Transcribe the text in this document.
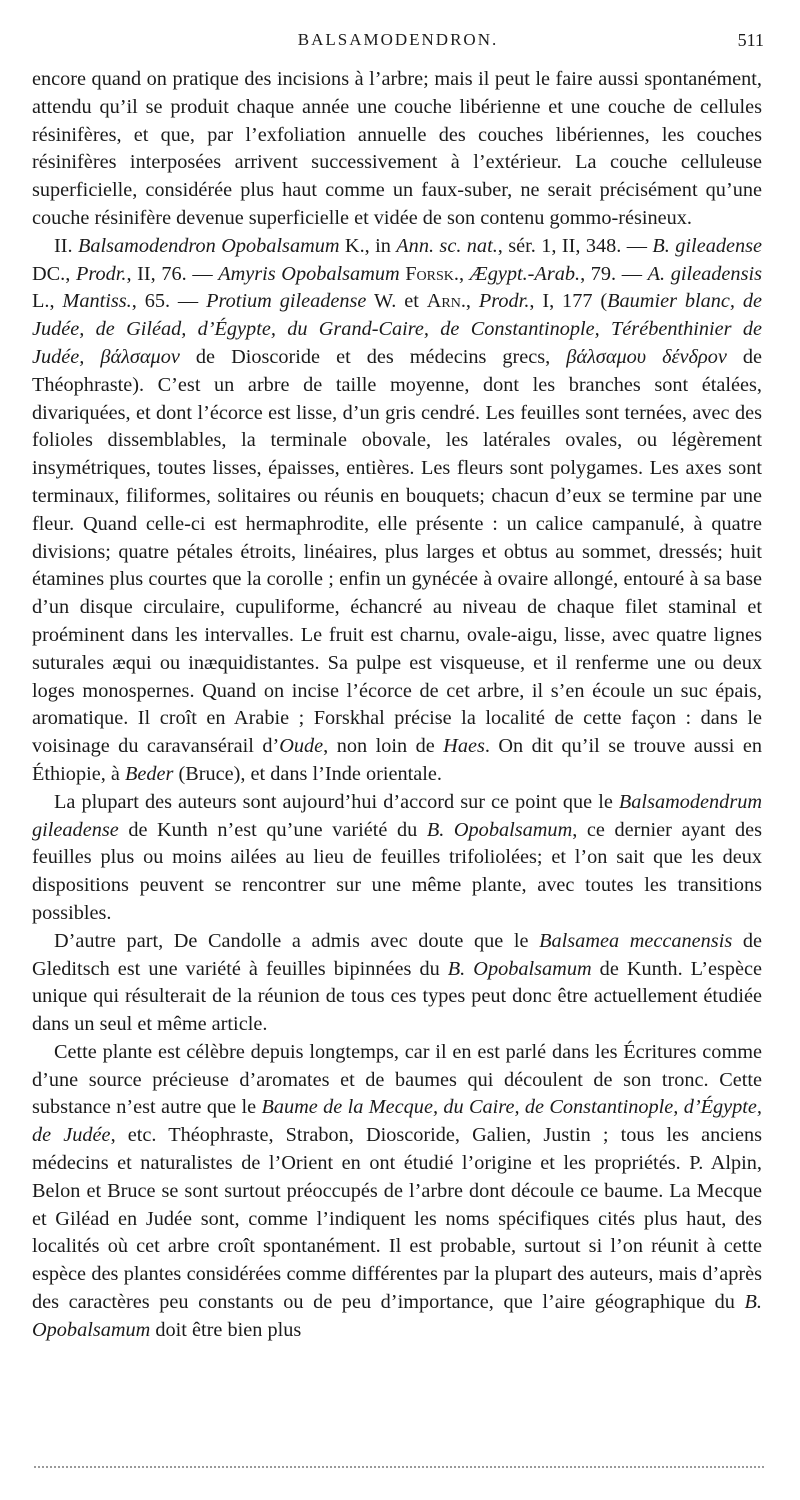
BALSAMODENDRON.	511

encore quand on pratique des incisions à l’arbre; mais il peut le faire aussi spontanément, attendu qu’il se produit chaque année une couche libérienne et une couche de cellules résinifères, et que, par l’exfoliation annuelle des couches libériennes, les couches résinifères interposées arrivent successivement à l’extérieur. La couche celluleuse superficielle, considérée plus haut comme un faux-suber, ne serait précisément qu’une couche résinifère devenue superficielle et vidée de son contenu gommo-résineux.

II. Balsamodendron Opobalsamum K., in Ann. sc. nat., sér. 1, II, 348. — B. gileadense DC., Prodr., II, 76. — Amyris Opobalsamum Forsk., Ægypt.-Arab., 79. — A. gileadensis L., Mantiss., 65. — Protium gileadense W. et Arn., Prodr., I, 177 (Baumier blanc, de Judée, de Giléad, d’Égypte, du Grand-Caire, de Constantinople, Térébenthinier de Judée, βάλσαμον de Dioscoride et des médecins grecs, βάλσαμου δένδρον de Théophraste). C’est un arbre de taille moyenne, dont les branches sont étalées, divariquées, et dont l’écorce est lisse, d’un gris cendré. Les feuilles sont ternées, avec des folioles dissemblables, la terminale obovale, les latérales ovales, ou légèrement insymétriques, toutes lisses, épaisses, entières. Les fleurs sont polygames. Les axes sont terminaux, filiformes, solitaires ou réunis en bouquets; chacun d’eux se termine par une fleur. Quand celle-ci est hermaphrodite, elle présente : un calice campanulé, à quatre divisions; quatre pétales étroits, linéaires, plus larges et obtus au sommet, dressés; huit étamines plus courtes que la corolle ; enfin un gynécée à ovaire allongé, entouré à sa base d’un disque circulaire, cupuliforme, échancré au niveau de chaque filet staminal et proéminent dans les intervalles. Le fruit est charnu, ovale-aigu, lisse, avec quatre lignes suturales æqui ou inæquidistantes. Sa pulpe est visqueuse, et il renferme une ou deux loges monospernes. Quand on incise l’écorce de cet arbre, il s’en écoule un suc épais, aromatique. Il croît en Arabie ; Forskhal précise la localité de cette façon : dans le voisinage du caravansérail d’Oude, non loin de Haes. On dit qu’il se trouve aussi en Éthiopie, à Beder (Bruce), et dans l’Inde orientale.

La plupart des auteurs sont aujourd’hui d’accord sur ce point que le Balsamodendrum gileadense de Kunth n’est qu’une variété du B. Opobalsamum, ce dernier ayant des feuilles plus ou moins ailées au lieu de feuilles trifoliolées; et l’on sait que les deux dispositions peuvent se rencontrer sur une même plante, avec toutes les transitions possibles.

D’autre part, De Candolle a admis avec doute que le Balsamea meccanensis de Gleditsch est une variété à feuilles bipinnées du B. Opobalsamum de Kunth. L’espèce unique qui résulterait de la réunion de tous ces types peut donc être actuellement étudiée dans un seul et même article.

Cette plante est célèbre depuis longtemps, car il en est parlé dans les Écritures comme d’une source précieuse d’aromates et de baumes qui découlent de son tronc. Cette substance n’est autre que le Baume de la Mecque, du Caire, de Constantinople, d’Égypte, de Judée, etc. Théophraste, Strabon, Dioscoride, Galien, Justin ; tous les anciens médecins et naturalistes de l’Orient en ont étudié l’origine et les propriétés. P. Alpin, Belon et Bruce se sont surtout préoccupés de l’arbre dont découle ce baume. La Mecque et Giléad en Judée sont, comme l’indiquent les noms spécifiques cités plus haut, des localités où cet arbre croît spontanément. Il est probable, surtout si l’on réunit à cette espèce des plantes considérées comme différentes par la plupart des auteurs, mais d’après des caractères peu constants ou de peu d’importance, que l’aire géographique du B. Opobalsamum doit être bien plus
